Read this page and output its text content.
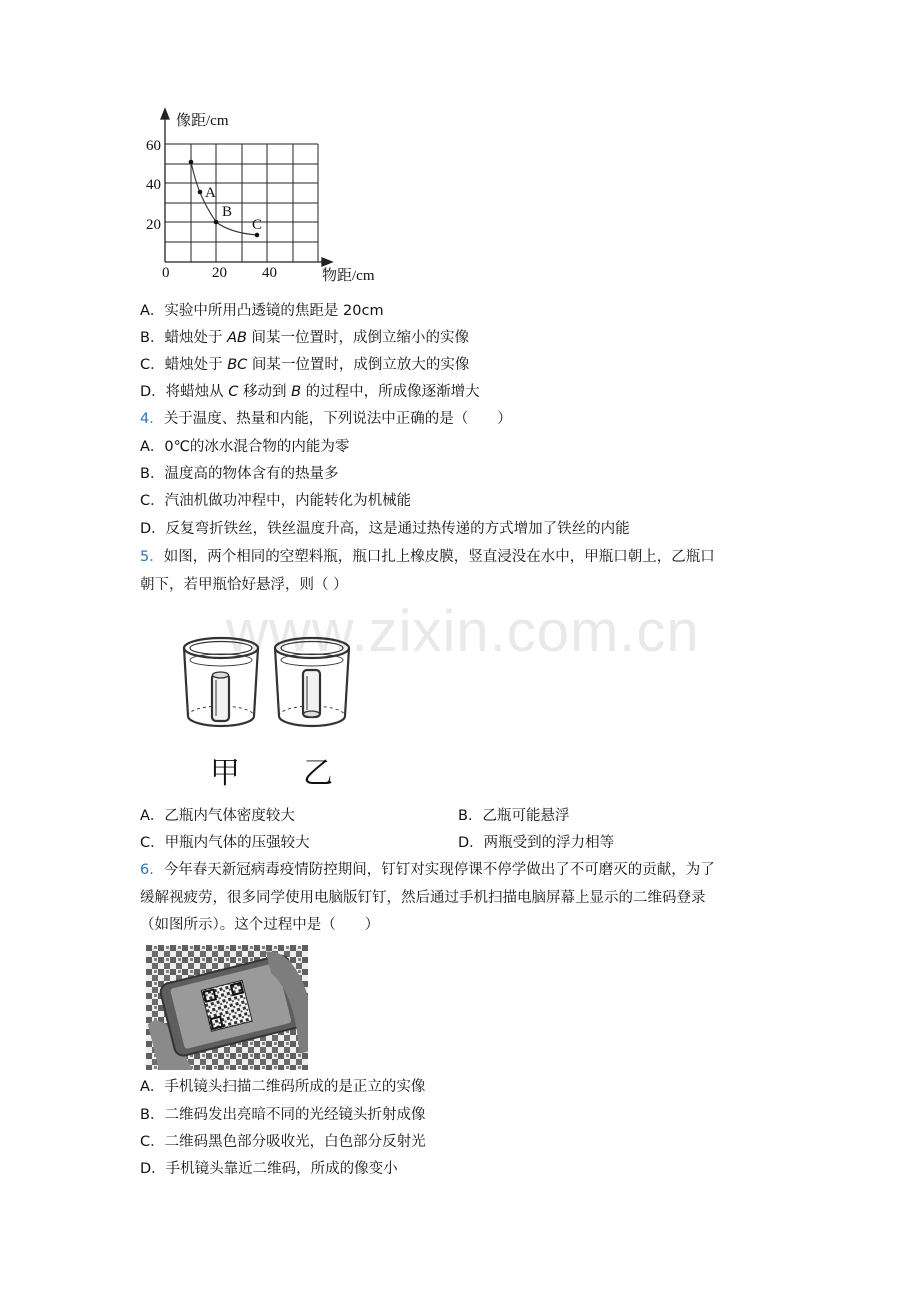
www.zixin.com.cn
像距/cm
物距/cm
60
40
20
0	20 40
A
B
C
A．实验中所用凸透镜的焦距是 20cm
B．蜡烛处于 AB 间某一位置时，成倒立缩小的实像
C．蜡烛处于 BC 间某一位置时，成倒立放大的实像
D．将蜡烛从 C 移动到 B 的过程中，所成像逐渐增大
4．关于温度、热量和内能，下列说法中正确的是（　　）
A．0℃的冰水混合物的内能为零
B．温度高的物体含有的热量多
C．汽油机做功冲程中，内能转化为机械能
D．反复弯折铁丝，铁丝温度升高，这是通过热传递的方式增加了铁丝的内能
5．如图，两个相同的空塑料瓶，瓶口扎上橡皮膜，竖直浸没在水中，甲瓶口朝上，乙瓶口
朝下，若甲瓶恰好悬浮，则（ ）
甲 乙
A．乙瓶内气体密度较大	B．乙瓶可能悬浮
C．甲瓶内气体的压强较大	D．两瓶受到的浮力相等
6．今年春天新冠病毒疫情防控期间，钉钉对实现停课不停学做出了不可磨灭的贡献，为了
缓解视疲劳，很多同学使用电脑版钉钉，然后通过手机扫描电脑屏幕上显示的二维码登录
（如图所示）。这个过程中是（　　）
A．手机镜头扫描二维码所成的是正立的实像
B．二维码发出亮暗不同的光经镜头折射成像
C．二维码黑色部分吸收光，白色部分反射光
D．手机镜头靠近二维码，所成的像变小
